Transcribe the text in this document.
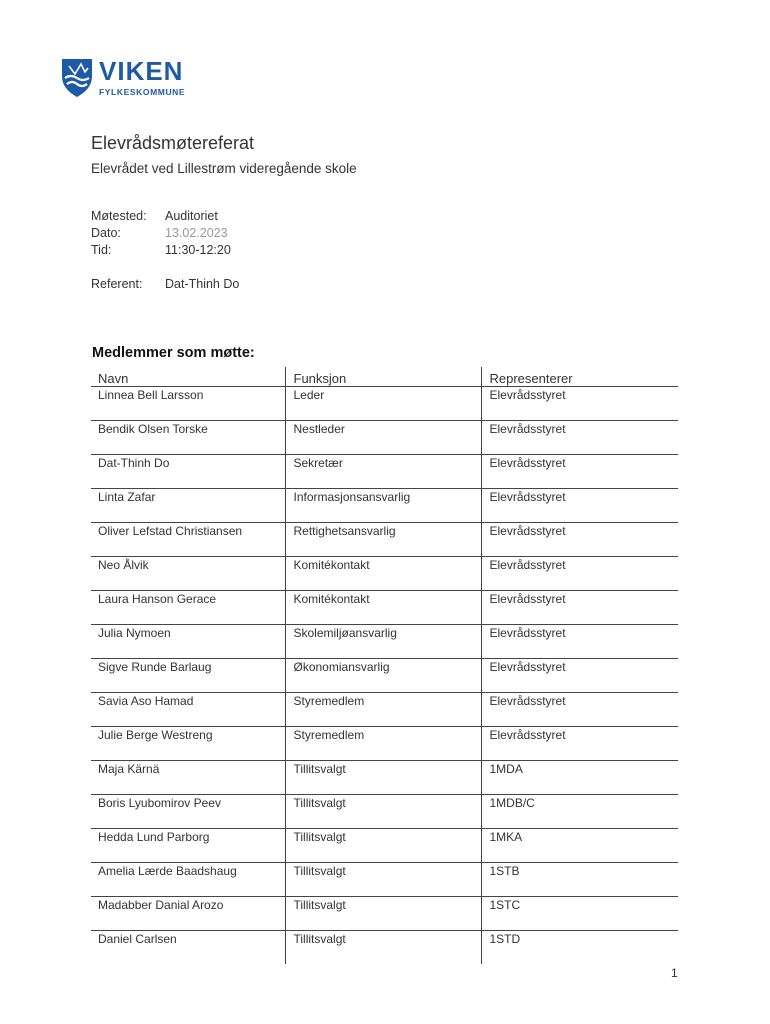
VIKEN
FYLKESKOMMUNE
Elevrådsmøtereferat
Elevrådet ved Lillestrøm videregående skole
Møtested: Auditoriet
Dato:	13.02.2023
Tid:	11:30-12:20
Referent: Dat-Thinh Do
Medlemmer som møtte:
Navn	Funksjon	Representerer
Linnea Bell Larsson	Leder	Elevrådsstyret
Bendik Olsen Torske	Nestleder	Elevrådsstyret
Dat-Thinh Do	Sekretær	Elevrådsstyret
Linta Zafar	Informasjonsansvarlig	Elevrådsstyret
Oliver Lefstad Christiansen	Rettighetsansvarlig	Elevrådsstyret
Neo Ålvik	Komitékontakt	Elevrådsstyret
Laura Hanson Gerace	Komitékontakt	Elevrådsstyret
Julia Nymoen	Skolemiljøansvarlig	Elevrådsstyret
Sigve Runde Barlaug	Økonomiansvarlig	Elevrådsstyret
Savia Aso Hamad	Styremedlem	Elevrådsstyret
Julie Berge Westreng	Styremedlem	Elevrådsstyret
Maja Kärnä	Tillitsvalgt	1MDA
Boris Lyubomirov Peev	Tillitsvalgt	1MDB/C
Hedda Lund Parborg	Tillitsvalgt	1MKA
Amelia Lærde Baadshaug	Tillitsvalgt	1STB
Madabber Danial Arozo	Tillitsvalgt	1STC
Daniel Carlsen	Tillitsvalgt	1STD
1
